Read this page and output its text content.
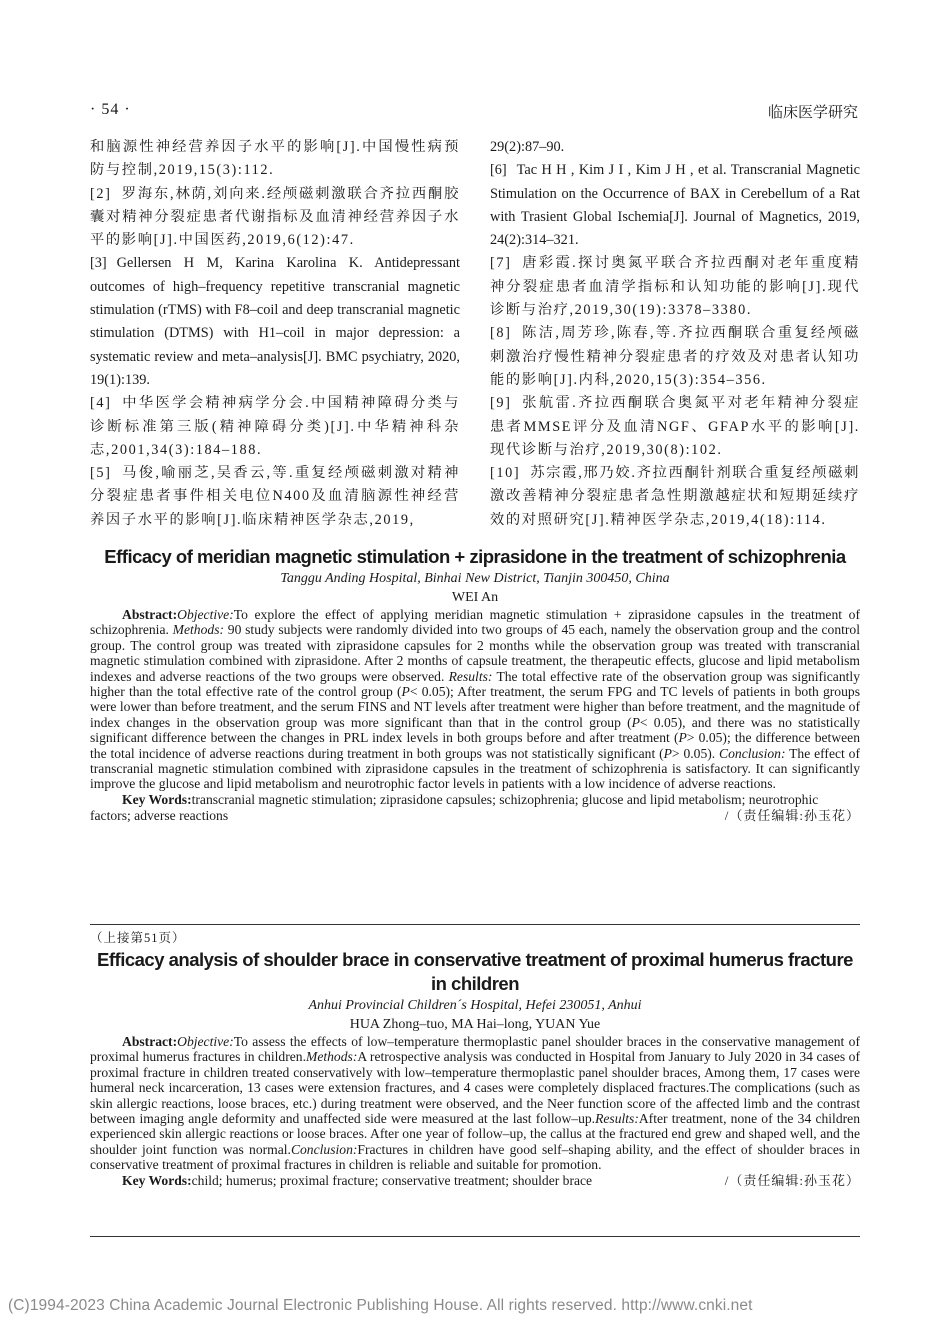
· 54 ·	临床医学研究

和脑源性神经营养因子水平的影响[J].中国慢性病预防与控制,2019,15(3):112.

[2] 罗海东,林荫,刘向来.经颅磁刺激联合齐拉西酮胶囊对精神分裂症患者代谢指标及血清神经营养因子水平的影响[J].中国医药,2019,6(12):47.

[3] Gellersen H M, Karina Karolina K. Antidepressant outcomes of high–frequency repetitive transcranial magnetic stimulation (rTMS) with F8–coil and deep transcranial magnetic stimulation (DTMS) with H1–coil in major depression: a systematic review and meta–analysis[J]. BMC psychiatry, 2020, 19(1):139.

[4] 中华医学会精神病学分会.中国精神障碍分类与诊断标准第三版(精神障碍分类)[J].中华精神科杂志,2001,34(3):184–188.

[5] 马俊,喻丽芝,吴香云,等.重复经颅磁刺激对精神分裂症患者事件相关电位N400及血清脑源性神经营养因子水平的影响[J].临床精神医学杂志,2019,

29(2):87–90.

[6] Tac H H , Kim J I , Kim J H , et al. Transcranial Magnetic Stimulation on the Occurrence of BAX in Cerebellum of a Rat with Trasient Global Ischemia[J]. Journal of Magnetics, 2019, 24(2):314–321.

[7] 唐彩霞.探讨奥氮平联合齐拉西酮对老年重度精神分裂症患者血清学指标和认知功能的影响[J].现代诊断与治疗,2019,30(19):3378–3380.

[8] 陈洁,周芳珍,陈春,等.齐拉西酮联合重复经颅磁刺激治疗慢性精神分裂症患者的疗效及对患者认知功能的影响[J].内科,2020,15(3):354–356.

[9] 张航雷.齐拉西酮联合奥氮平对老年精神分裂症患者MMSE评分及血清NGF、GFAP水平的影响[J].现代诊断与治疗,2019,30(8):102.

[10] 苏宗霞,邢乃姣.齐拉西酮针剂联合重复经颅磁刺激改善精神分裂症患者急性期激越症状和短期延续疗效的对照研究[J].精神医学杂志,2019,4(18):114.

Efficacy of meridian magnetic stimulation + ziprasidone in the treatment of schizophrenia

Tanggu Anding Hospital, Binhai New District, Tianjin 300450, China

WEI An

Abstract:Objective:To explore the effect of applying meridian magnetic stimulation + ziprasidone capsules in the treatment of schizophrenia. Methods: 90 study subjects were randomly divided into two groups of 45 each, namely the observation group and the control group. The control group was treated with ziprasidone capsules for 2 months while the observation group was treated with transcranial magnetic stimulation combined with ziprasidone. After 2 months of capsule treatment, the therapeutic effects, glucose and lipid metabolism indexes and adverse reactions of the two groups were observed. Results: The total effective rate of the observation group was significantly higher than the total effective rate of the control group (P< 0.05); After treatment, the serum FPG and TC levels of patients in both groups were lower than before treatment, and the serum FINS and NT levels after treatment were higher than before treatment, and the magnitude of index changes in the observation group was more significant than that in the control group (P< 0.05), and there was no statistically significant difference between the changes in PRL index levels in both groups before and after treatment (P> 0.05); the difference between the total incidence of adverse reactions during treatment in both groups was not statistically significant (P> 0.05). Conclusion: The effect of transcranial magnetic stimulation combined with ziprasidone capsules in the treatment of schizophrenia is satisfactory. It can significantly improve the glucose and lipid metabolism and neurotrophic factor levels in patients with a low incidence of adverse reactions.

Key Words:transcranial magnetic stimulation; ziprasidone capsules; schizophrenia; glucose and lipid metabolism; neurotrophic factors; adverse reactions	/（责任编辑:孙玉花）

（上接第51页）
Efficacy analysis of shoulder brace in conservative treatment of proximal humerus fracture in children

Anhui Provincial Children´s Hospital, Hefei 230051, Anhui

HUA Zhong–tuo, MA Hai–long, YUAN Yue

Abstract:Objective:To assess the effects of low–temperature thermoplastic panel shoulder braces in the conservative management of proximal humerus fractures in children.Methods:A retrospective analysis was conducted in Hospital from January to July 2020 in 34 cases of proximal fracture in children treated conservatively with low–temperature thermoplastic panel shoulder braces, Among them, 17 cases were humeral neck incarceration, 13 cases were extension fractures, and 4 cases were completely displaced fractures.The complications (such as skin allergic reactions, loose braces, etc.) during treatment were observed, and the Neer function score of the affected limb and the contrast between imaging angle deformity and unaffected side were measured at the last follow–up.Results:After treatment, none of the 34 children experienced skin allergic reactions or loose braces. After one year of follow–up, the callus at the fractured end grew and shaped well, and the shoulder joint function was normal.Conclusion:Fractures in children have good self–shaping ability, and the effect of shoulder braces in conservative treatment of proximal fractures in children is reliable and suitable for promotion.

Key Words:child; humerus; proximal fracture; conservative treatment; shoulder brace	/（责任编辑:孙玉花）

(C)1994-2023 China Academic Journal Electronic Publishing House. All rights reserved. http://www.cnki.net
